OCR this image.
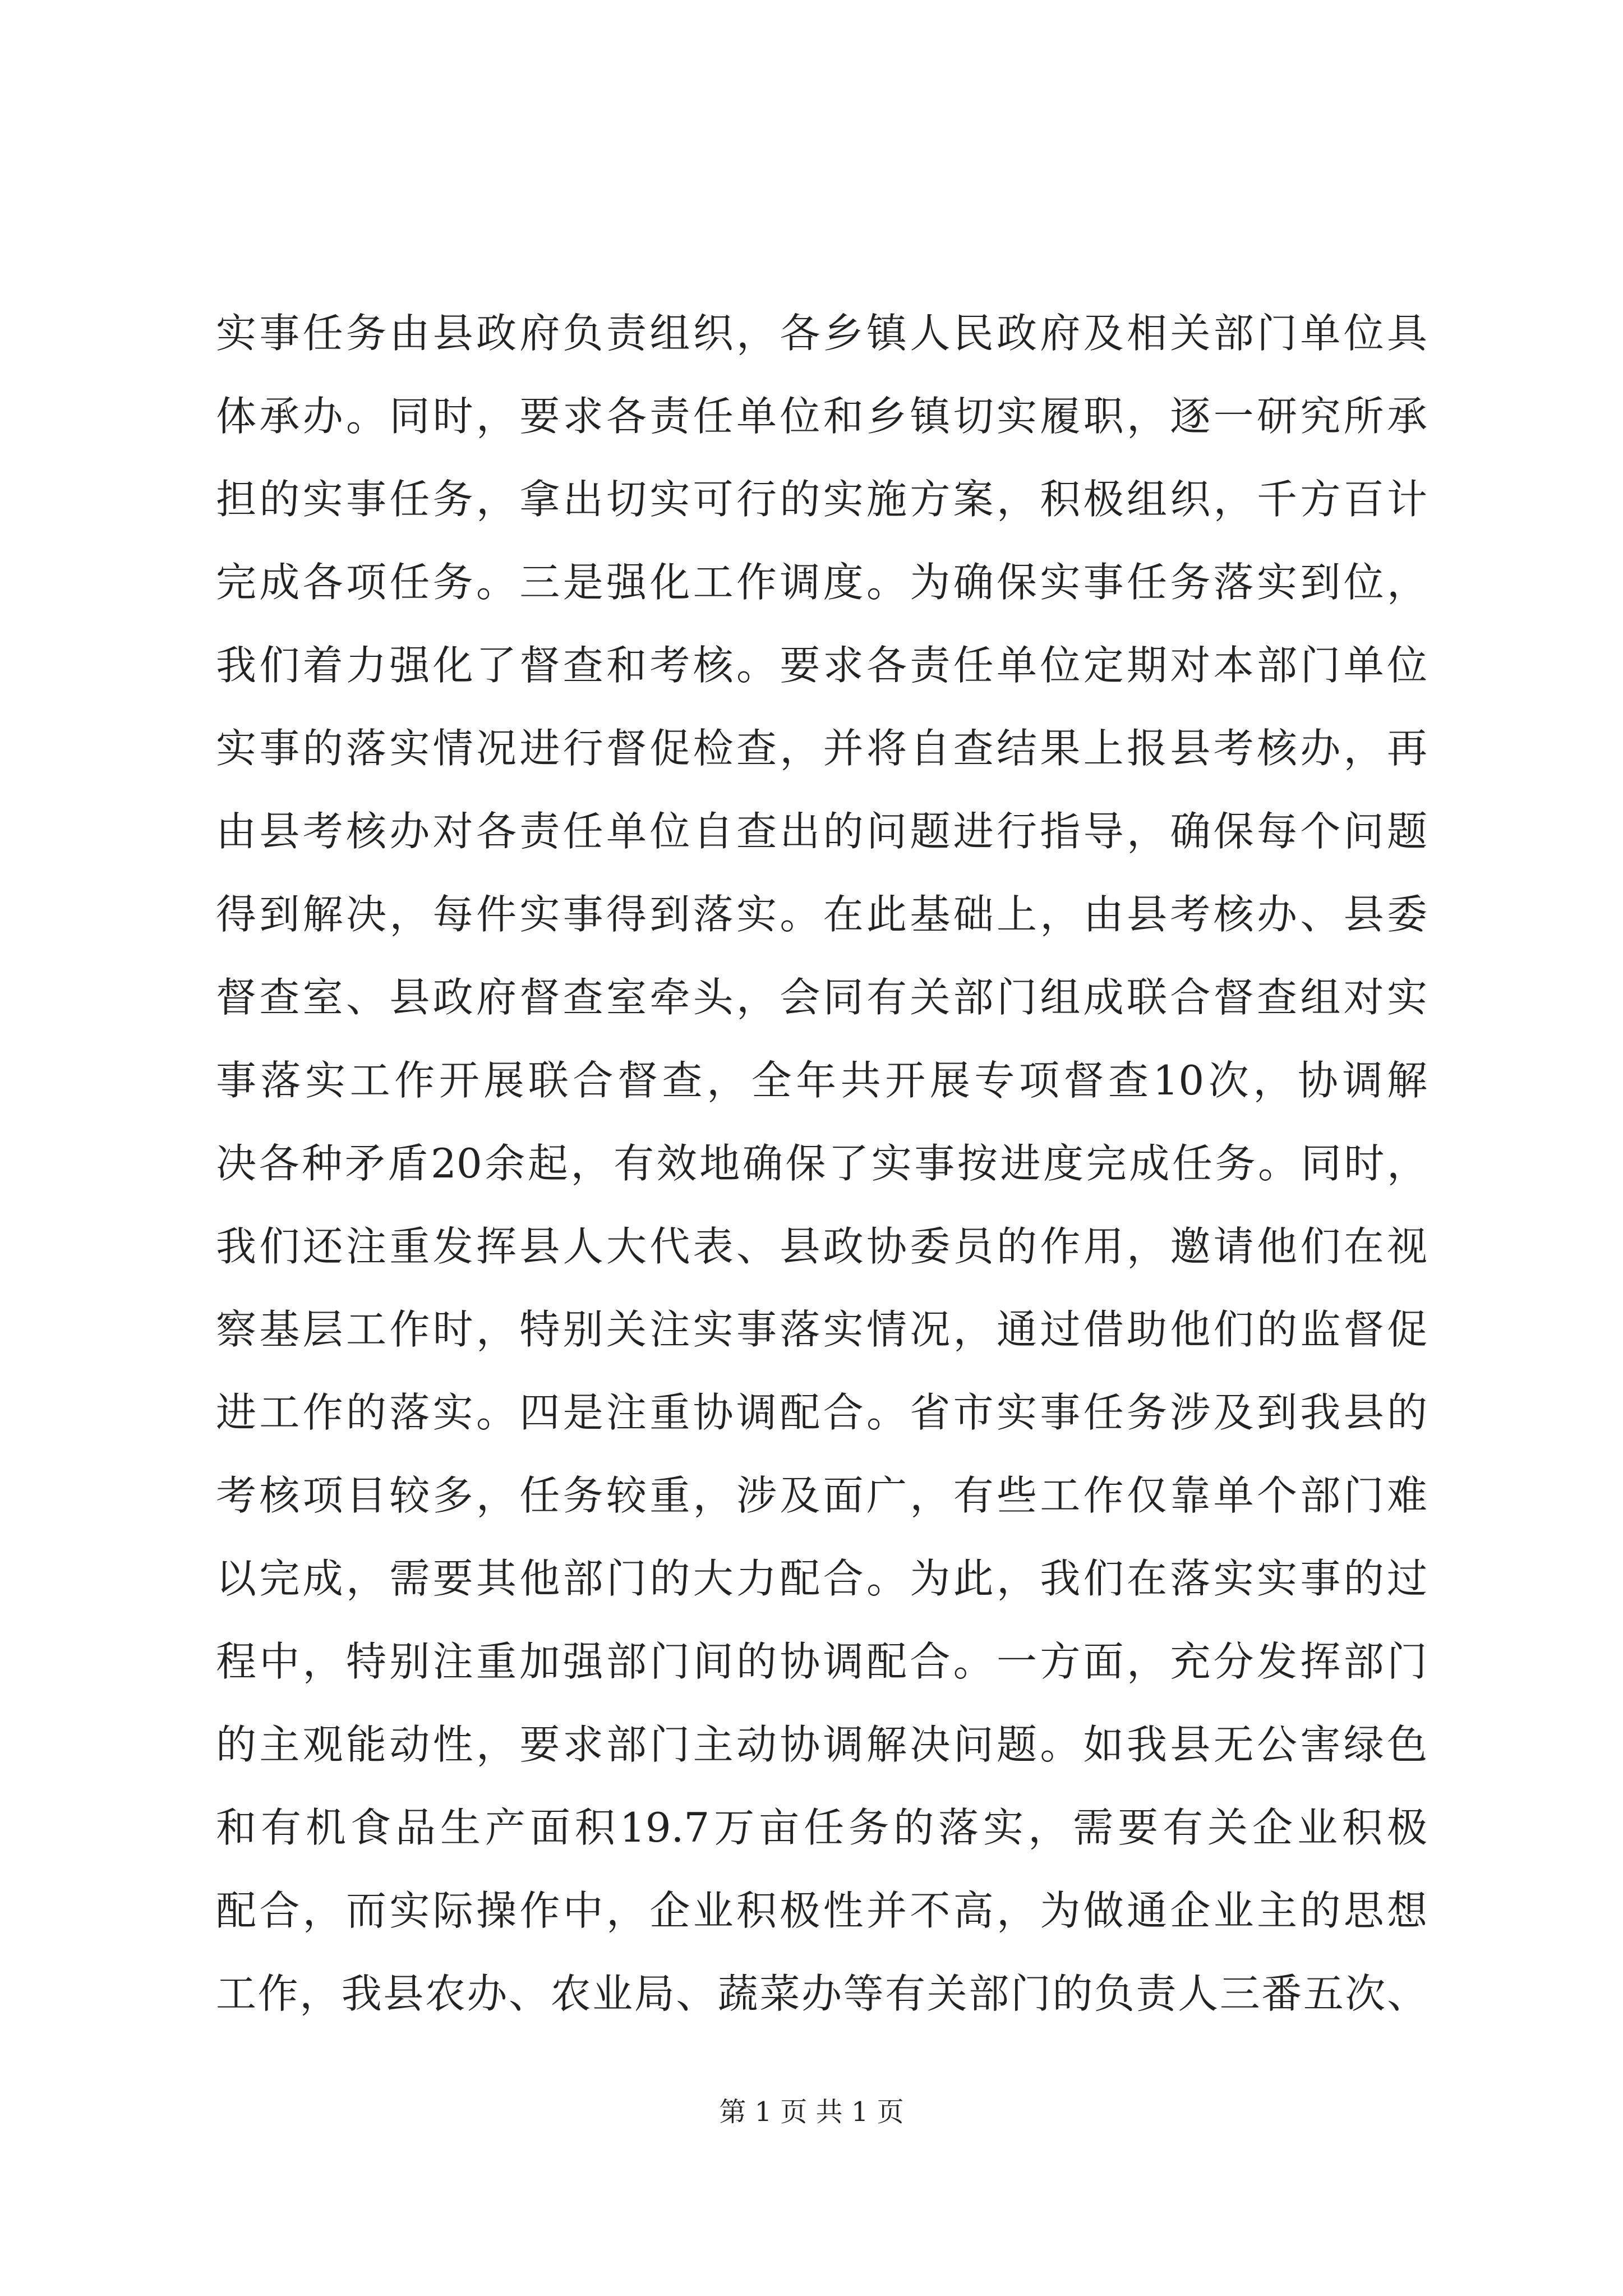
实事任务由县政府负责组织，各乡镇人民政府及相关部门单位具
体承办。同时，要求各责任单位和乡镇切实履职，逐一研究所承
担的实事任务，拿出切实可行的实施方案，积极组织，千方百计
完成各项任务。三是强化工作调度。为确保实事任务落实到位，
我们着力强化了督查和考核。要求各责任单位定期对本部门单位
实事的落实情况进行督促检查，并将自查结果上报县考核办，再
由县考核办对各责任单位自查出的问题进行指导，确保每个问题
得到解决，每件实事得到落实。在此基础上，由县考核办、县委
督查室、县政府督查室牵头，会同有关部门组成联合督查组对实
事落实工作开展联合督查，全年共开展专项督查10次，协调解
决各种矛盾20余起，有效地确保了实事按进度完成任务。同时，
我们还注重发挥县人大代表、县政协委员的作用，邀请他们在视
察基层工作时，特别关注实事落实情况，通过借助他们的监督促
进工作的落实。四是注重协调配合。省市实事任务涉及到我县的
考核项目较多，任务较重，涉及面广，有些工作仅靠单个部门难
以完成，需要其他部门的大力配合。为此，我们在落实实事的过
程中，特别注重加强部门间的协调配合。一方面，充分发挥部门
的主观能动性，要求部门主动协调解决问题。如我县无公害绿色
和有机食品生产面积19.7万亩任务的落实，需要有关企业积极
配合，而实际操作中，企业积极性并不高，为做通企业主的思想
工作，我县农办、农业局、蔬菜办等有关部门的负责人三番五次、
第 1 页 共 1 页
